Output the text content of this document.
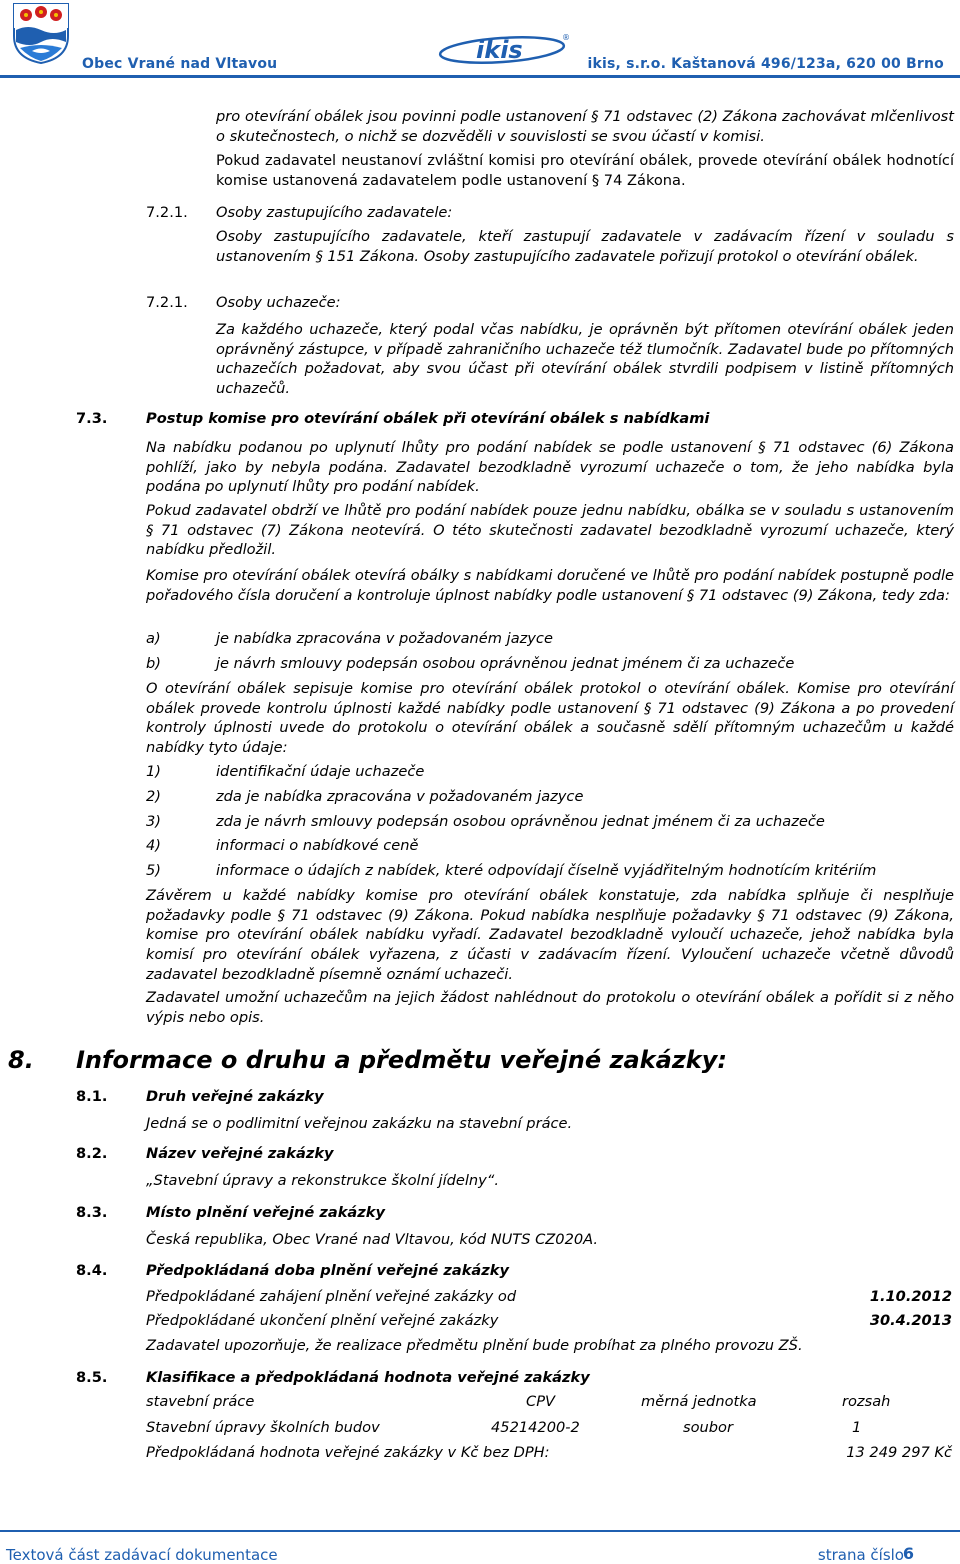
ikis	®
Obec Vrané nad Vltavou	ikis, s.r.o. Kaštanová 496/123a, 620 00 Brno

pro otevírání obálek jsou povinni podle ustanovení § 71 odstavec (2) Zákona zachovávat mlčenlivost o skutečnostech, o nichž se dozvěděli v souvislosti se svou účastí v komisi.

Pokud zadavatel neustanoví zvláštní komisi pro otevírání obálek, provede otevírání obálek hodnotící komise ustanovená zadavatelem podle ustanovení § 74 Zákona.

7.2.1. Osoby zastupujícího zadavatele:

Osoby zastupujícího zadavatele, kteří zastupují zadavatele v zadávacím řízení v souladu s ustanovením § 151 Zákona. Osoby zastupujícího zadavatele pořizují protokol o otevírání obálek.

7.2.1. Osoby uchazeče:

Za každého uchazeče, který podal včas nabídku, je oprávněn být přítomen otevírání obálek jeden oprávněný zástupce, v případě zahraničního uchazeče též tlumočník. Zadavatel bude po přítomných uchazečích požadovat, aby svou účast při otevírání obálek stvrdili podpisem v listině přítomných uchazečů.

7.3.	Postup komise pro otevírání obálek při otevírání obálek s nabídkami

Na nabídku podanou po uplynutí lhůty pro podání nabídek se podle ustanovení § 71 odstavec (6) Zákona pohlíží, jako by nebyla podána. Zadavatel bezodkladně vyrozumí uchazeče o tom, že jeho nabídka byla podána po uplynutí lhůty pro podání nabídek.

Pokud zadavatel obdrží ve lhůtě pro podání nabídek pouze jednu nabídku, obálka se v souladu s ustanovením § 71 odstavec (7) Zákona neotevírá. O této skutečnosti zadavatel bezodkladně vyrozumí uchazeče, který nabídku předložil.

Komise pro otevírání obálek otevírá obálky s nabídkami doručené ve lhůtě pro podání nabídek postupně podle pořadového čísla doručení a kontroluje úplnost nabídky podle ustanovení § 71 odstavec (9) Zákona, tedy zda:

a)	je nabídka zpracována v požadovaném jazyce
b)	je návrh smlouvy podepsán osobou oprávněnou jednat jménem či za uchazeče

O otevírání obálek sepisuje komise pro otevírání obálek protokol o otevírání obálek. Komise pro otevírání obálek provede kontrolu úplnosti každé nabídky podle ustanovení § 71 odstavec (9) Zákona a po provedení kontroly úplnosti uvede do protokolu o otevírání obálek a současně sdělí přítomným uchazečům u každé nabídky tyto údaje:

1)	identifikační údaje uchazeče
2)	zda je nabídka zpracována v požadovaném jazyce
3)	zda je návrh smlouvy podepsán osobou oprávněnou jednat jménem či za uchazeče
4)	informaci o nabídkové ceně
5)	informace o údajích z nabídek, které odpovídají číselně vyjádřitelným hodnotícím kritériím

Závěrem u každé nabídky komise pro otevírání obálek konstatuje, zda nabídka splňuje či nesplňuje požadavky podle § 71 odstavec (9) Zákona. Pokud nabídka nesplňuje požadavky § 71 odstavec (9) Zákona, komise pro otevírání obálek nabídku vyřadí. Zadavatel bezodkladně vyloučí uchazeče, jehož nabídka byla komisí pro otevírání obálek vyřazena, z účasti v zadávacím řízení. Vyloučení uchazeče včetně důvodů zadavatel bezodkladně písemně oznámí uchazeči.

Zadavatel umožní uchazečům na jejich žádost nahlédnout do protokolu o otevírání obálek a pořídit si z něho výpis nebo opis.

8. Informace o druhu a předmětu veřejné zakázky:
8.1.	Druh veřejné zakázky
Jedná se o podlimitní veřejnou zakázku na stavební práce.
8.2.	Název veřejné zakázky
„Stavební úpravy a rekonstrukce školní jídelny“.
8.3.	Místo plnění veřejné zakázky
Česká republika, Obec Vrané nad Vltavou, kód NUTS CZ020A.
8.4.	Předpokládaná doba plnění veřejné zakázky
Předpokládané zahájení plnění veřejné zakázky od	1.10.2012
Předpokládané ukončení plnění veřejné zakázky	30.4.2013
Zadavatel upozorňuje, že realizace předmětu plnění bude probíhat za plného provozu ZŠ.
8.5.	Klasifikace a předpokládaná hodnota veřejné zakázky
stavební práce	CPV	měrná jednotka	rozsah
Stavební úpravy školních budov	45214200-2	soubor	1
Předpokládaná hodnota veřejné zakázky v Kč bez DPH:	13 249 297 Kč
Textová část zadávací dokumentace	strana číslo
6
